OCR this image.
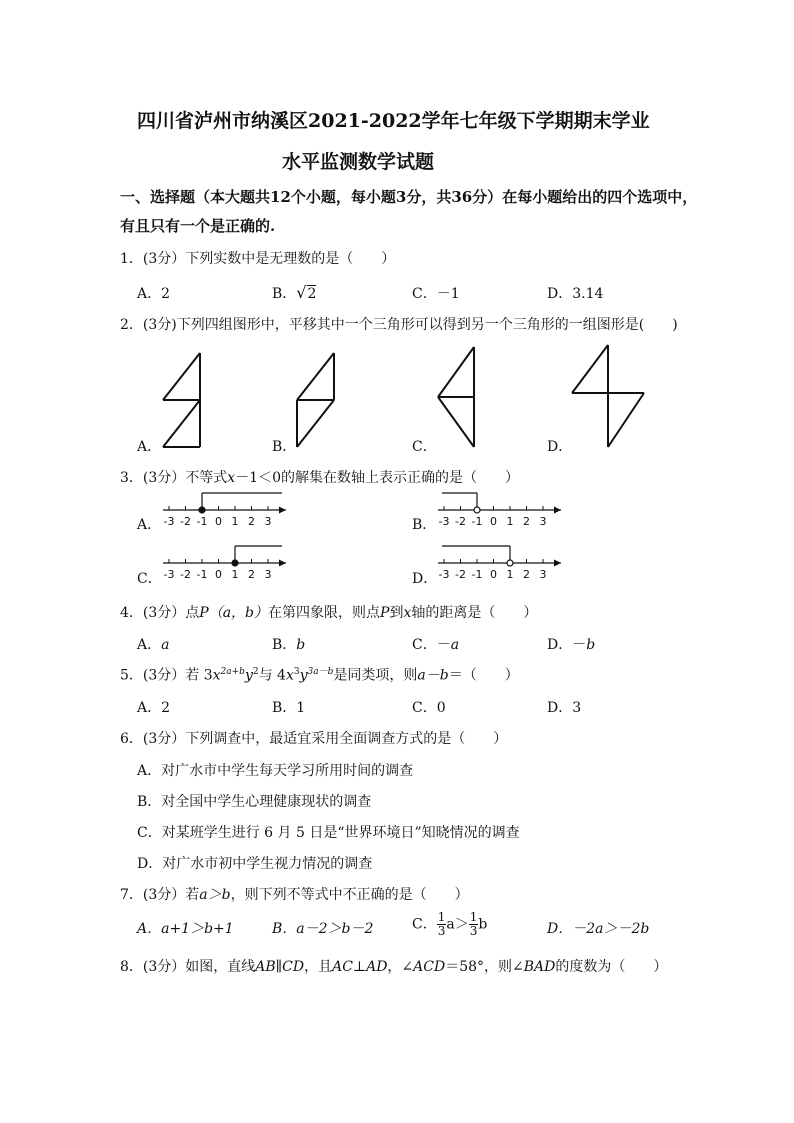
四川省泸州市纳溪区2021-2022学年七年级下学期期末学业
水平监测数学试题
一、选择题（本大题共12个小题，每小题3分，共36分）在每小题给出的四个选项中，
有且只有一个是正确的.
1．(3分）下列实数中是无理数的是（　　）
A．2	B．√2	C．－1	D．3.14
2．(3分)下列四组图形中，平移其中一个三角形可以得到另一个三角形的一组图形是(　　)
A．	B．	C．	D．
3．(3分）不等式x－1＜0的解集在数轴上表示正确的是（　　）
A．	B．
C．	D．
-3 -2 -1 0 1 2 3	-3 -2 -1 0 1 2 3
-3 -2 -1 0 1 2 3	-3 -2 -1 0 1 2 3
4．(3分）点P（a，b）在第四象限，则点P到x轴的距离是（　　）
A．a	B．b	C．－a	D．－b
5．(3分）若 $3x^{2a+b}y^2$与 $4x^3y^{3a-b}$是同类项，则a－b＝（　　）
A．2	B．1	C．0	D．3
6．(3分）下列调查中，最适宜采用全面调查方式的是（　　）
A．对广水市中学生每天学习所用时间的调查
B．对全国中学生心理健康现状的调查
C．对某班学生进行 6 月 5 日是“世界环境日”知晓情况的调查
D．对广水市初中学生视力情况的调查
7．(3分）若a＞b，则下列不等式中不正确的是（　　）
A．a+1＞b+1	B．a－2＞b－2	C． $\frac{1}{3} a> \frac{1}{3}$ b	D．－2a＞－2b
8．(3分）如图，直线AB∥CD，且AC⊥AD，∠ACD＝58°，则∠BAD的度数为（　　）
